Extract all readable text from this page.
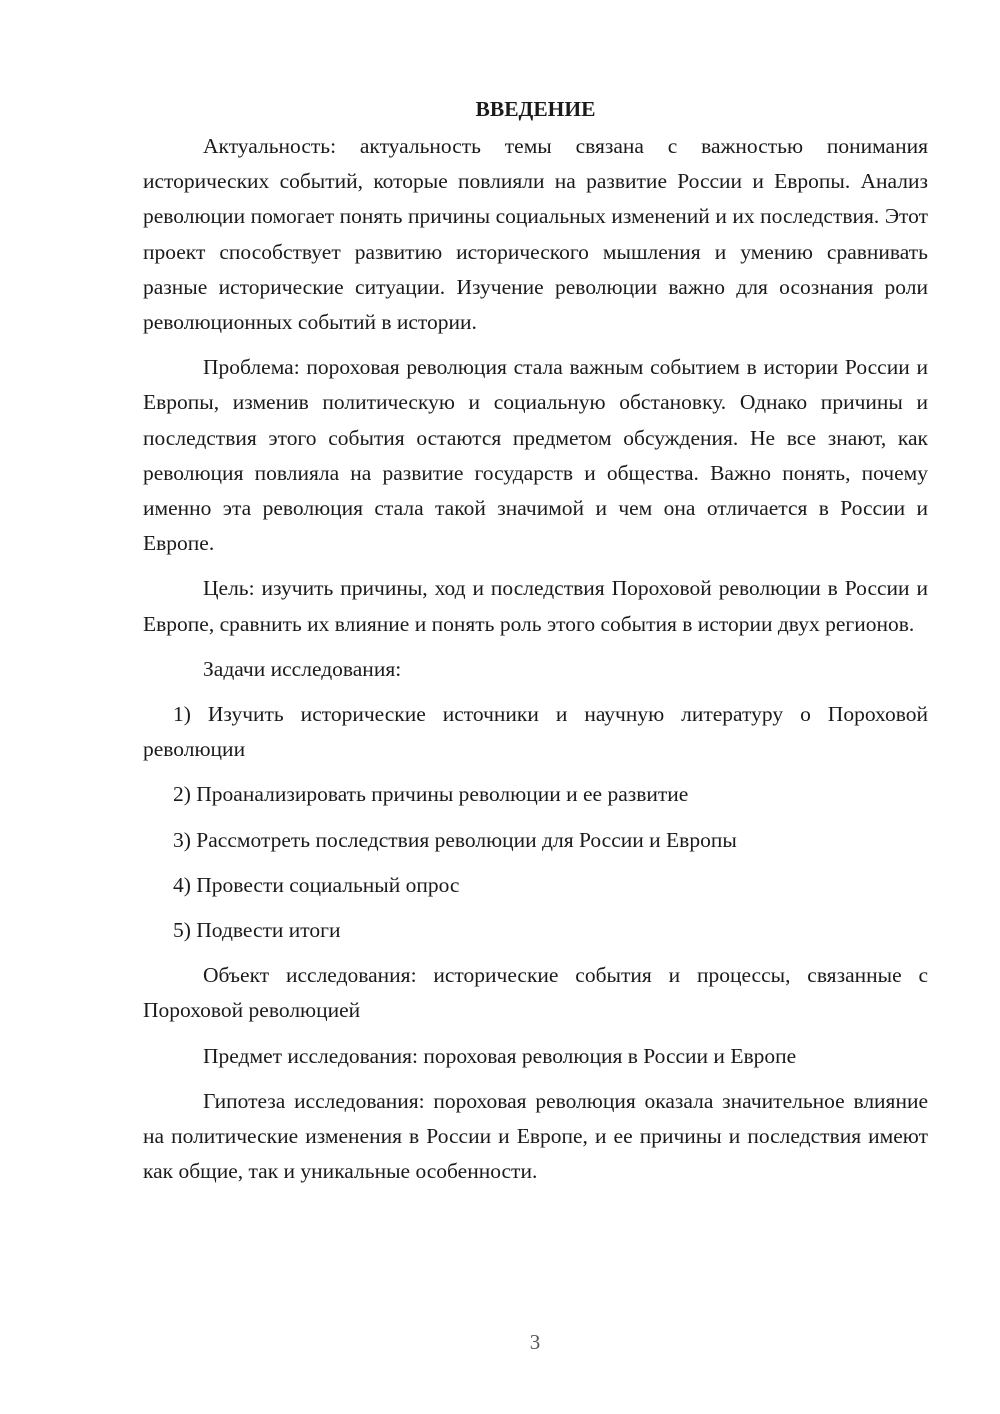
ВВЕДЕНИЕ

Актуальность: актуальность темы связана с важностью понимания исторических событий, которые повлияли на развитие России и Европы. Анализ революции помогает понять причины социальных изменений и их последствия. Этот проект способствует развитию исторического мышления и умению сравнивать разные исторические ситуации. Изучение революции важно для осознания роли революционных событий в истории.

Проблема: пороховая революция стала важным событием в истории России и Европы, изменив политическую и социальную обстановку. Однако причины и последствия этого события остаются предметом обсуждения. Не все знают, как революция повлияла на развитие государств и общества. Важно понять, почему именно эта революция стала такой значимой и чем она отличается в России и Европе.

Цель: изучить причины, ход и последствия Пороховой революции в России и Европе, сравнить их влияние и понять роль этого события в истории двух регионов.

Задачи исследования:

1) Изучить исторические источники и научную литературу о Пороховой революции

2) Проанализировать причины революции и ее развитие

3) Рассмотреть последствия революции для России и Европы

4) Провести социальный опрос

5) Подвести итоги

Объект исследования: исторические события и процессы, связанные с Пороховой революцией

Предмет исследования: пороховая революция в России и Европе

Гипотеза исследования: пороховая революция оказала значительное влияние на политические изменения в России и Европе, и ее причины и последствия имеют как общие, так и уникальные особенности.

3
